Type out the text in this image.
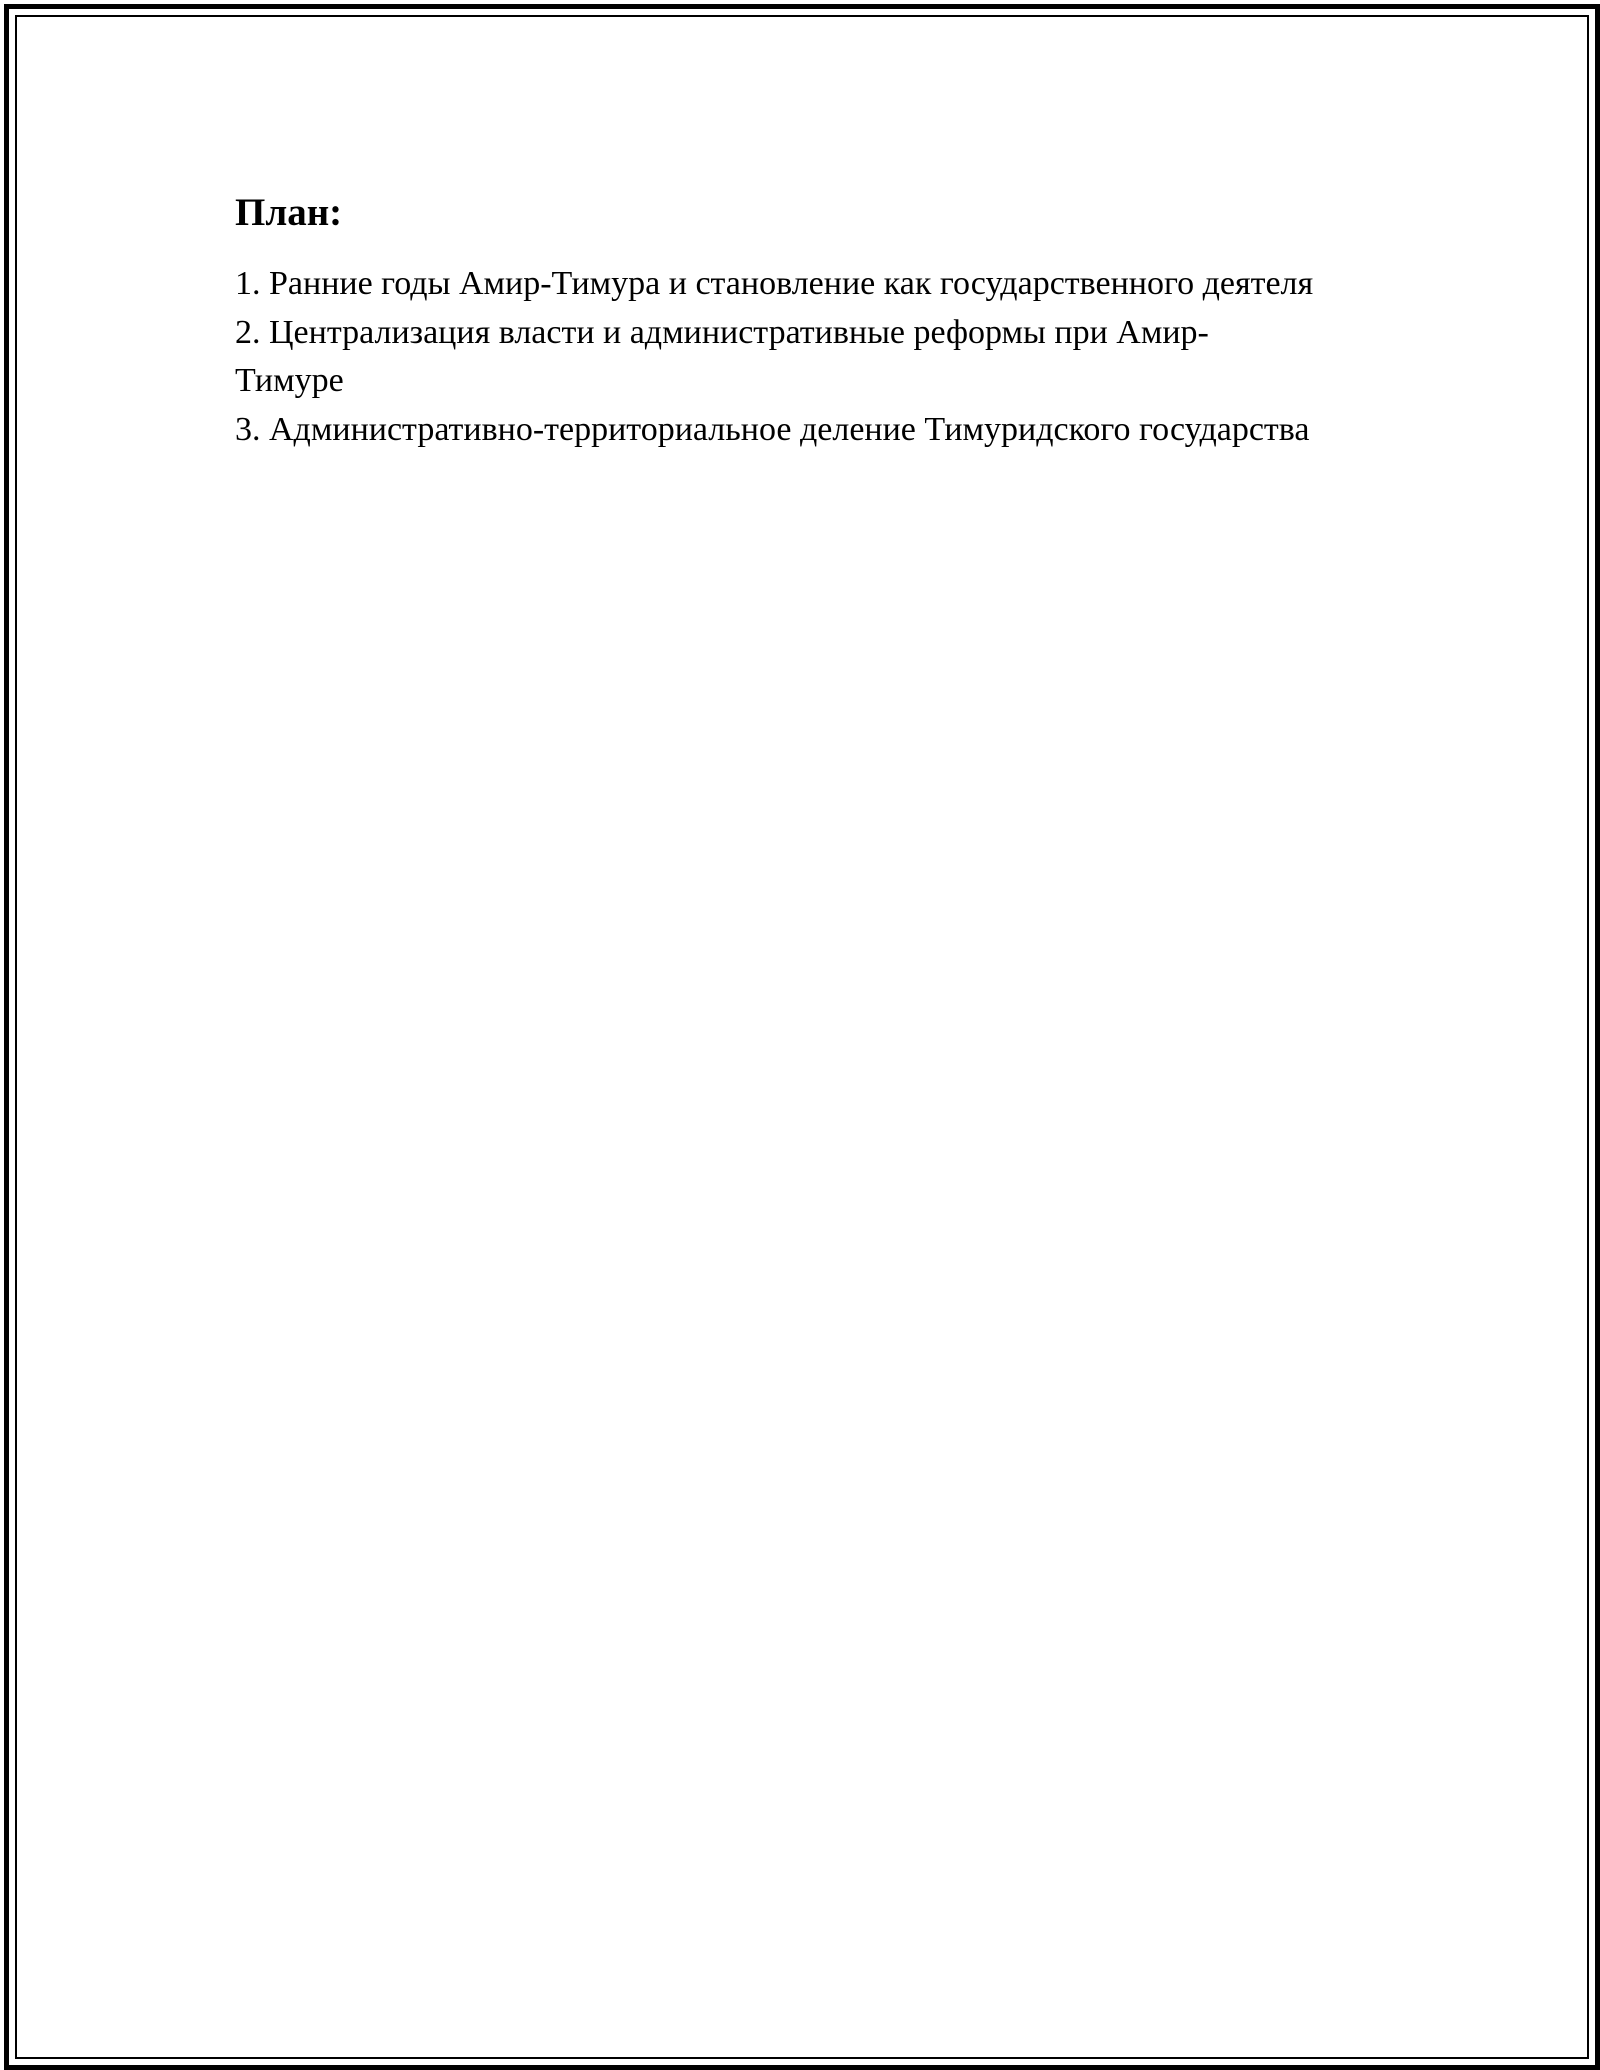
План:
1. Ранние годы Амир-Тимура и становление как государственного деятеля
2. Централизация власти и административные реформы при Амир-Тимуре
3. Административно-территориальное деление Тимуридского государства
